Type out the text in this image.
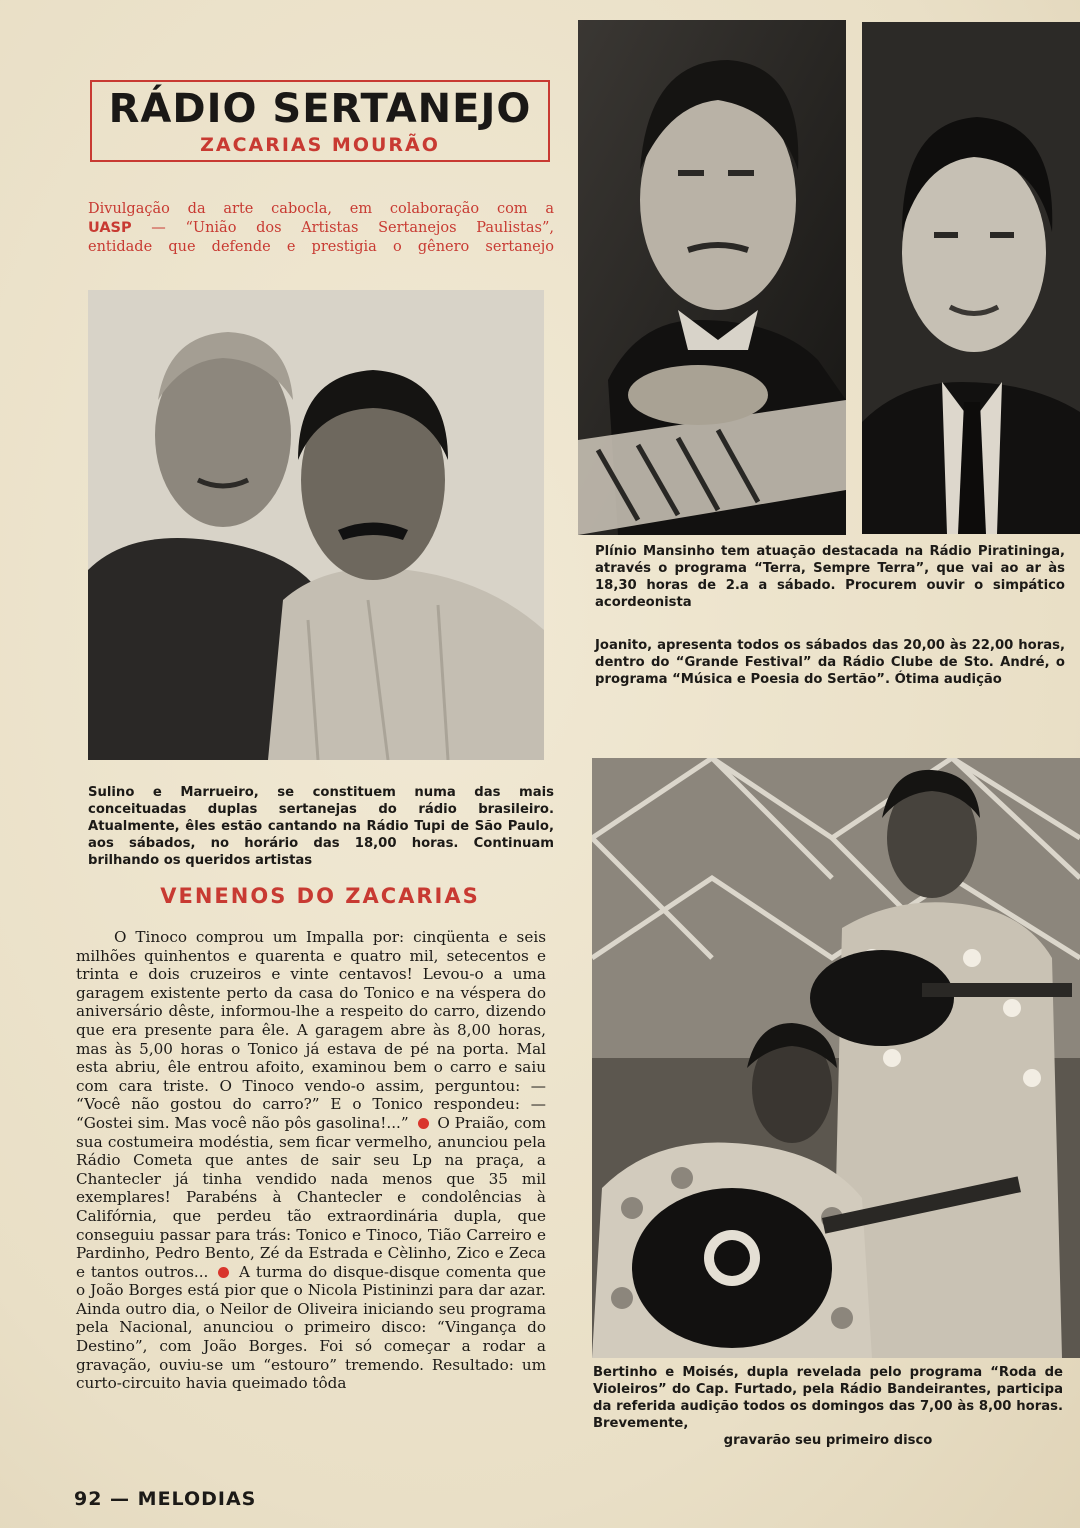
RÁDIO SERTANEJO
ZACARIAS MOURÃO
Divulgação da arte cabocla, em colaboração com a
UASP — “União dos Artistas Sertanejos Paulistas”,
entidade que defende e prestigia o gênero sertanejo
Plínio Mansinho tem atuação destacada na Rádio Piratininga, através o programa “Terra, Sempre Terra”, que vai ao ar às 18,30 horas de 2.a a sábado. Procurem ouvir o simpático acordeonista
Joanito, apresenta todos os sábados das 20,00 às 22,00 horas, dentro do “Grande Festival” da Rádio Clube de Sto. André, o programa “Música e Poesia do Sertão”. Ótima audição
Sulino e Marrueiro, se constituem numa das mais conceituadas duplas sertanejas do rádio brasileiro. Atualmente, êles estão cantando na Rádio Tupi de São Paulo, aos sábados, no horário das 18,00 horas. Continuam brilhando os queridos artistas
VENENOS DO ZACARIAS
O Tinoco comprou um Impalla por: cinqüenta e seis milhões quinhentos e quarenta e quatro mil, setecentos e trinta e dois cruzeiros e vinte centavos! Levou-o a uma garagem existente perto da casa do Tonico e na véspera do aniversário dêste, informou-lhe a respeito do carro, dizendo que era presente para êle. A garagem abre às 8,00 horas, mas às 5,00 horas o Tonico já estava de pé na porta. Mal esta abriu, êle entrou afoito, examinou bem o carro e saiu com cara triste. O Tinoco vendo-o assim, perguntou: — “Você não gostou do carro?” E o Tonico respondeu: — “Gostei sim. Mas você não pôs gasolina!...” O Praião, com sua costumeira modéstia, sem ficar vermelho, anunciou pela Rádio Cometa que antes de sair seu Lp na praça, a Chantecler já tinha vendido nada menos que 35 mil exemplares! Parabéns à Chantecler e condolências à Califórnia, que perdeu tão extraordinária dupla, que conseguiu passar para trás: Tonico e Tinoco, Tião Carreiro e Pardinho, Pedro Bento, Zé da Estrada e Cèlinho, Zico e Zeca e tantos outros... A turma do disque-disque comenta que o João Borges está pior que o Nicola Pistininzi para dar azar. Ainda outro dia, o Neilor de Oliveira iniciando seu programa pela Nacional, anunciou o primeiro disco: “Vingança do Destino”, com João Borges. Foi só começar a rodar a gravação, ouviu-se um “estouro” tremendo. Resultado: um curto-circuito havia queimado tôda
Bertinho e Moisés, dupla revelada pelo programa “Roda de Violeiros” do Cap. Furtado, pela Rádio Bandeirantes, participa da referida audição todos os domingos das 7,00 às 8,00 horas. Brevemente,
gravarão seu primeiro disco
92 — MELODIAS
